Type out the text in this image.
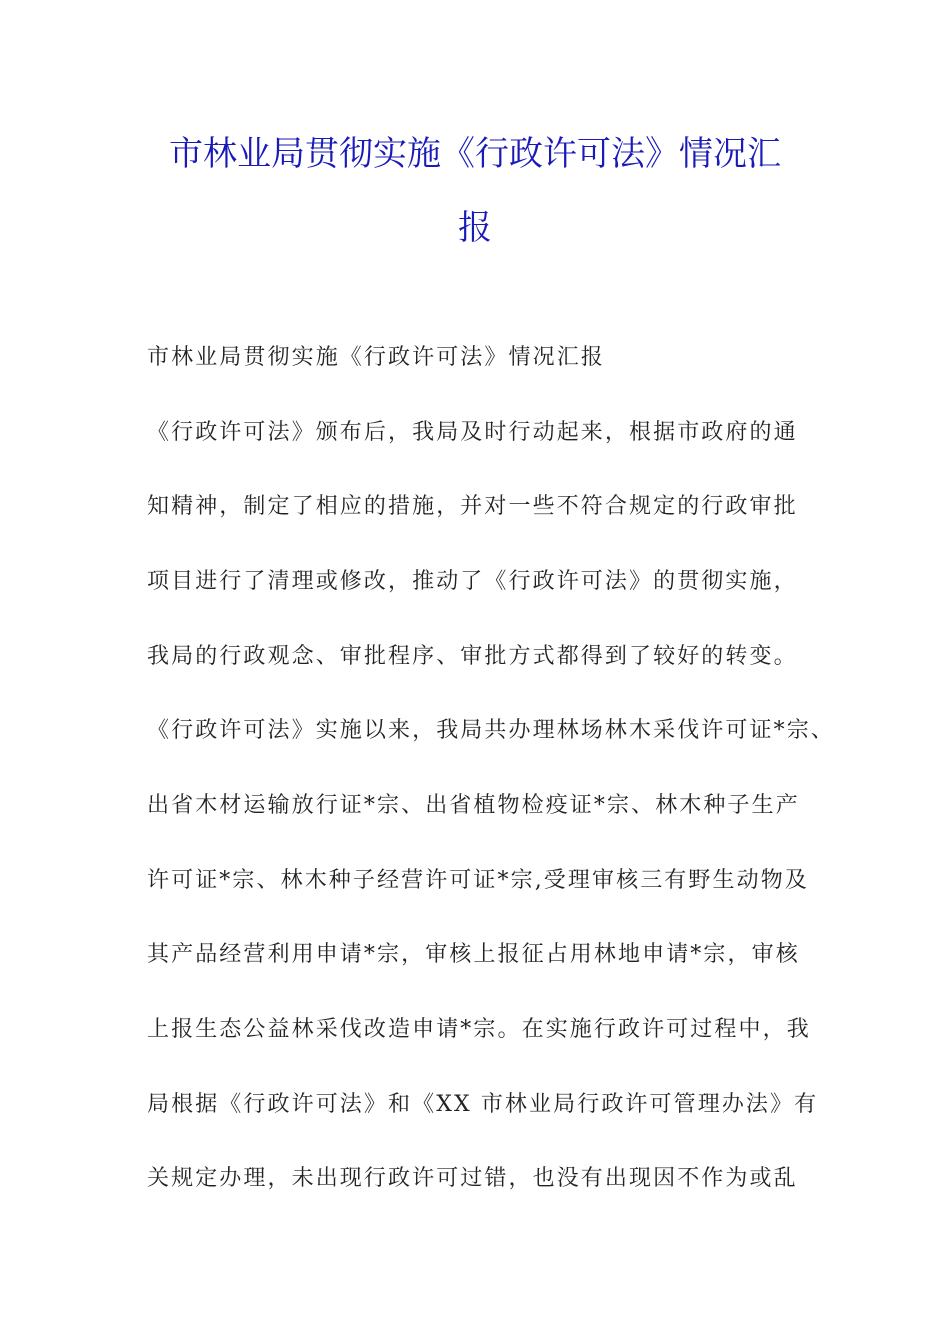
市林业局贯彻实施《行政许可法》情况汇
报

市林业局贯彻实施《行政许可法》情况汇报

《行政许可法》颁布后，我局及时行动起来，根据市政府的通

知精神，制定了相应的措施，并对一些不符合规定的行政审批

项目进行了清理或修改，推动了《行政许可法》的贯彻实施，

我局的行政观念、审批程序、审批方式都得到了较好的转变。

《行政许可法》实施以来，我局共办理林场林木采伐许可证*宗、

出省木材运输放行证*宗、出省植物检疫证*宗、林木种子生产

许可证*宗、林木种子经营许可证*宗,受理审核三有野生动物及

其产品经营利用申请*宗，审核上报征占用林地申请*宗，审核

上报生态公益林采伐改造申请*宗。在实施行政许可过程中，我

局根据《行政许可法》和《XX 市林业局行政许可管理办法》有

关规定办理，未出现行政许可过错，也没有出现因不作为或乱
